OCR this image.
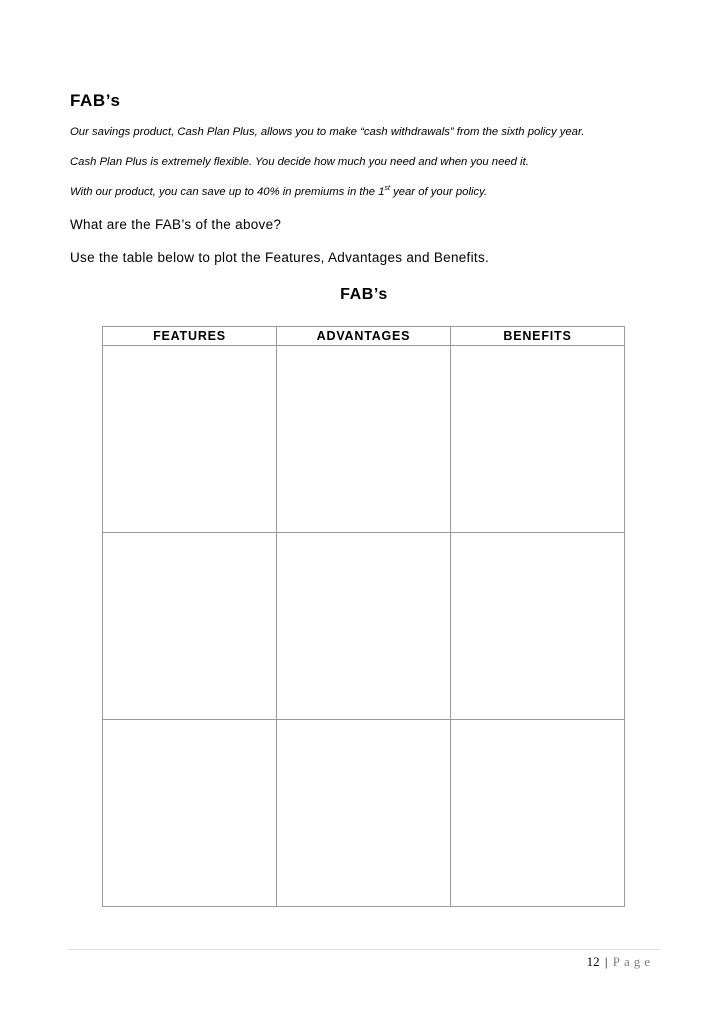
FAB’s

Our savings product, Cash Plan Plus, allows you to make “cash withdrawals” from the sixth policy year.

Cash Plan Plus is extremely flexible. You decide how much you need and when you need it.

With our product, you can save up to 40% in premiums in the 1st year of your policy.

What are the FAB’s of the above?

Use the table below to plot the Features, Advantages and Benefits.

FAB’s
FEATURES	ADVANTAGES	BENEFITS

12 | Page
